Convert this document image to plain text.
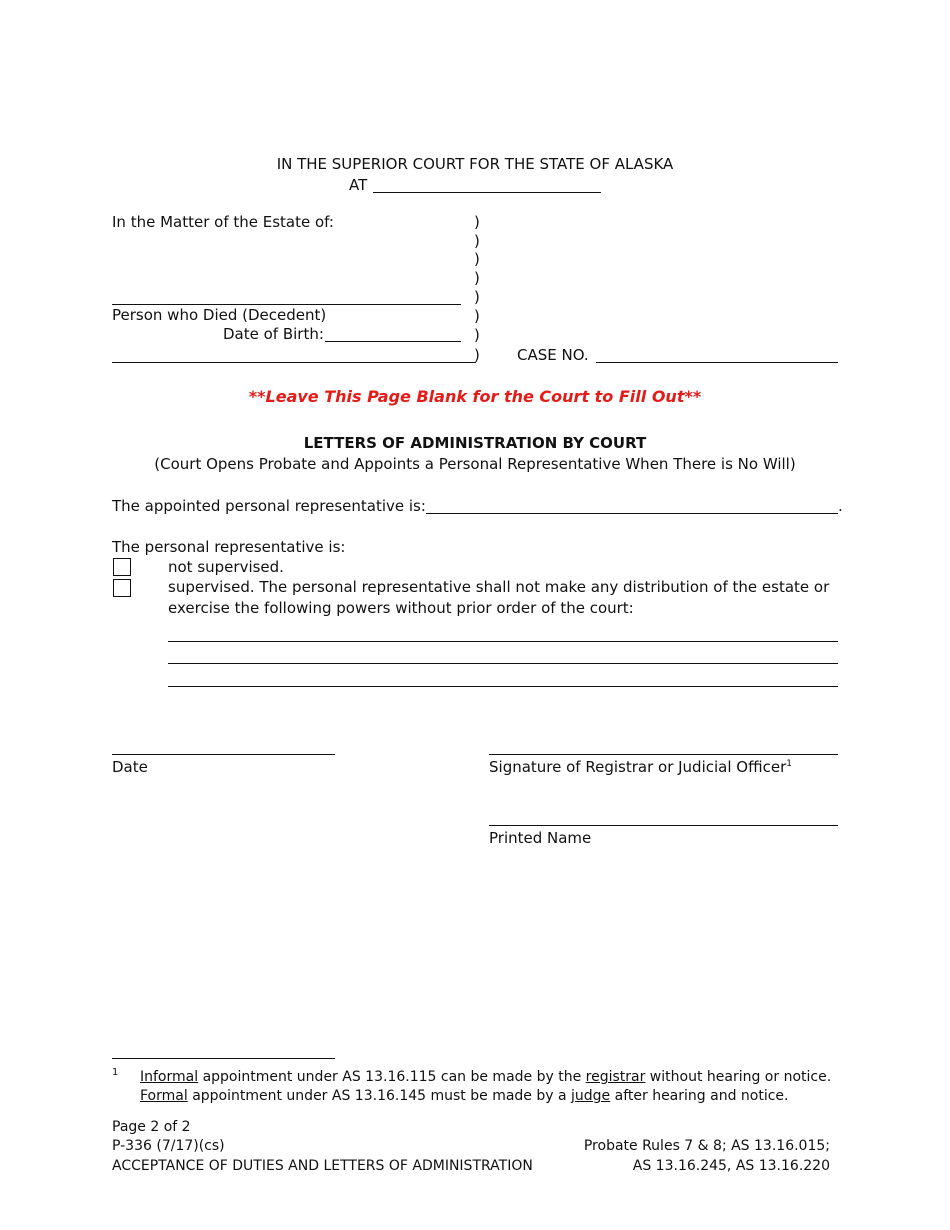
IN THE SUPERIOR COURT FOR THE STATE OF ALASKA
AT
In the Matter of the Estate of:	)
)
)
)
)
)
)
)
Person who Died (Decedent)
Date of Birth:
CASE NO.
**Leave This Page Blank for the Court to Fill Out**
LETTERS OF ADMINISTRATION BY COURT
(Court Opens Probate and Appoints a Personal Representative When There is No Will)
The appointed personal representative is:	.
The personal representative is:
not supervised.
supervised. The personal representative shall not make any distribution of the estate or
exercise the following powers without prior order of the court:
Date	Signature of Registrar or Judicial Officer$^1$
Printed Name
1 Informal appointment under AS 13.16.115 can be made by the registrar without hearing or notice.
Formal appointment under AS 13.16.145 must be made by a judge after hearing and notice.
Page 2 of 2
P-336 (7/17)(cs)
ACCEPTANCE OF DUTIES AND LETTERS OF ADMINISTRATION
Probate Rules 7 & 8; AS 13.16.015;
AS 13.16.245, AS 13.16.220
